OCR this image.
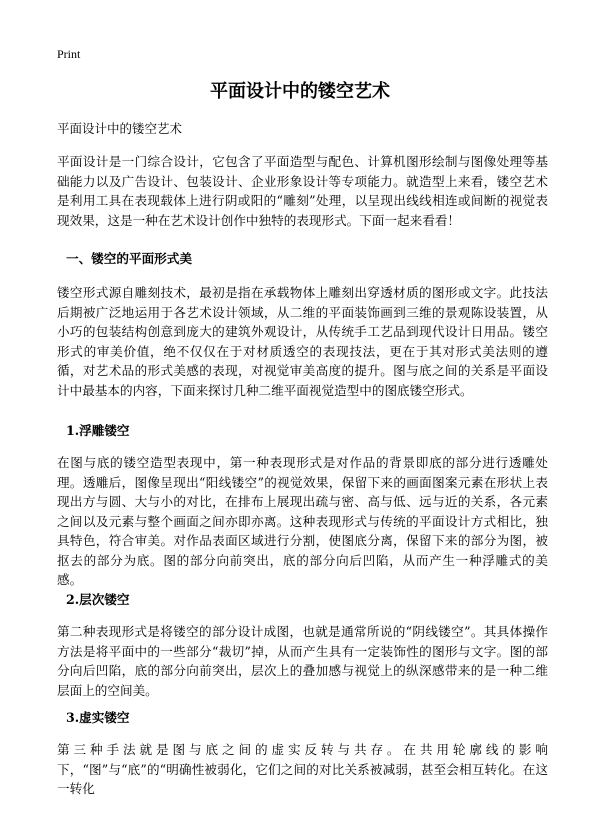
Print
平面设计中的镂空艺术

平面设计中的镂空艺术

平面设计是一门综合设计，它包含了平面造型与配色、计算机图形绘制与图像处理等基础能力以及广告设计、包装设计、企业形象设计等专项能力。就造型上来看，镂空艺术是利用工具在表现载体上进行阴或阳的“雕刻”处理，以呈现出线线相连或间断的视觉表现效果，这是一种在艺术设计创作中独特的表现形式。下面一起来看看！

一、镂空的平面形式美

镂空形式源自雕刻技术，最初是指在承载物体上雕刻出穿透材质的图形或文字。此技法后期被广泛地运用于各艺术设计领域，从二维的平面装饰画到三维的景观陈设装置，从小巧的包装结构创意到庞大的建筑外观设计，从传统手工艺品到现代设计日用品。镂空形式的审美价值，绝不仅仅在于对材质透空的表现技法，更在于其对形式美法则的遵循，对艺术品的形式美感的表现，对视觉审美高度的提升。图与底之间的关系是平面设计中最基本的内容，下面来探讨几种二维平面视觉造型中的图底镂空形式。

1.浮雕镂空

在图与底的镂空造型表现中，第一种表现形式是对作品的背景即底的部分进行透雕处理。透雕后，图像呈现出“阳线镂空”的视觉效果，保留下来的画面图案元素在形状上表现出方与圆、大与小的对比，在排布上展现出疏与密、高与低、远与近的关系，各元素之间以及元素与整个画面之间亦即亦离。这种表现形式与传统的平面设计方式相比，独具特色，符合审美。对作品表面区域进行分割，使图底分离，保留下来的部分为图，被抠去的部分为底。图的部分向前突出，底的部分向后凹陷，从而产生一种浮雕式的美感。

2.层次镂空

第二种表现形式是将镂空的部分设计成图，也就是通常所说的“阴线镂空”。其具体操作方法是将平面中的一些部分“裁切”掉，从而产生具有一定装饰性的图形与文字。图的部分向后凹陷，底的部分向前突出，层次上的叠加感与视觉上的纵深感带来的是一种二维层面上的空间美。

3.虚实镂空

第三种手法就是图与底之间的虚实反转与共存。在共用轮廓线的影响下，“图”与“底”的“明确性被弱化，它们之间的对比关系被减弱，甚至会相互转化。在这一转化
